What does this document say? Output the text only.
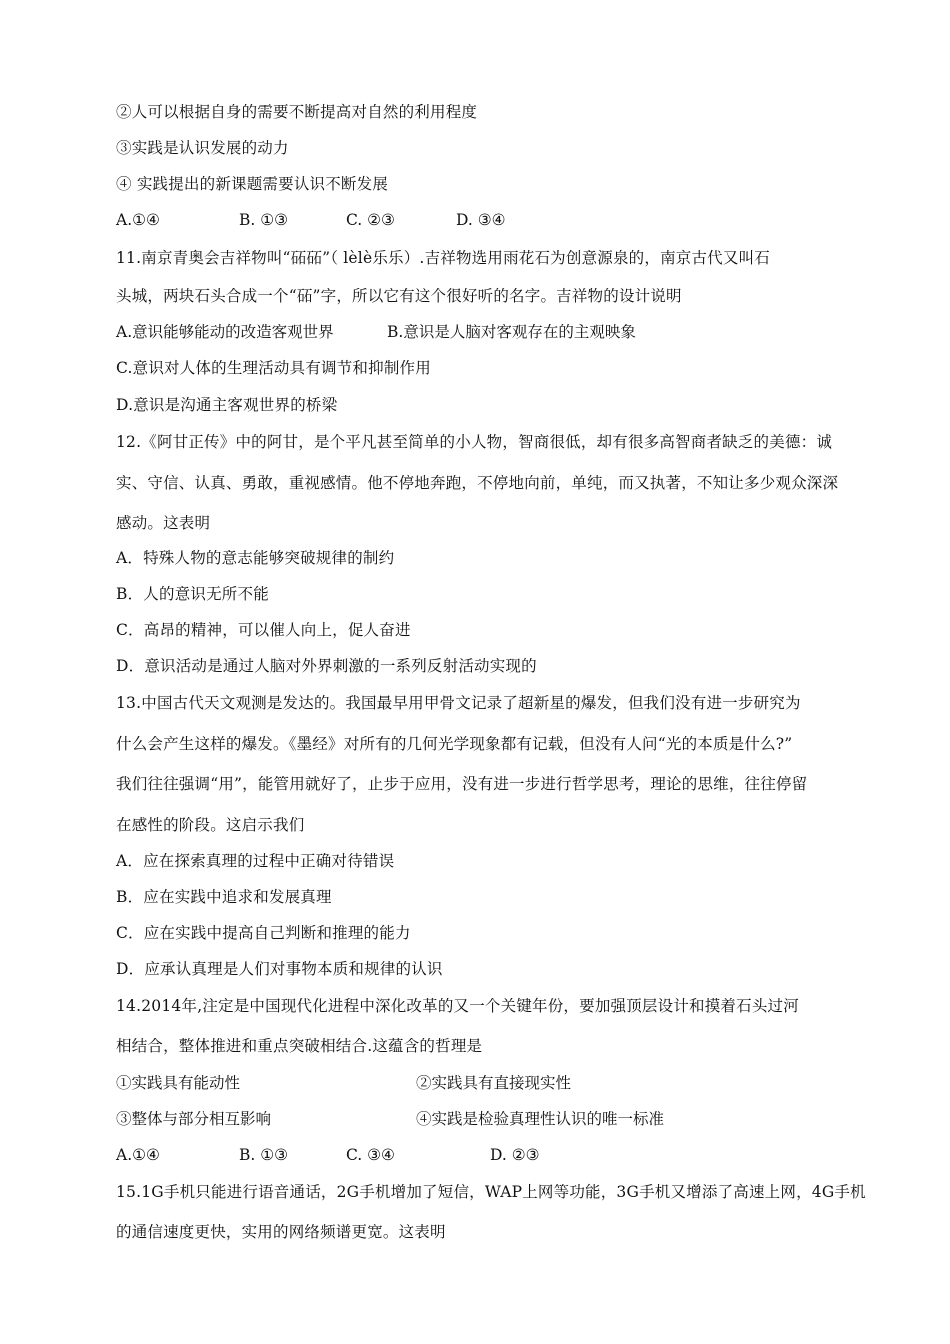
②人可以根据自身的需要不断提高对自然的利用程度
③实践是认识发展的动力
④ 实践提出的新课题需要认识不断发展
A.①④	B. ①③	C. ②③	D. ③④
11.南京青奥会吉祥物叫“砳砳”（ lèlè乐乐）.吉祥物选用雨花石为创意源泉的，南京古代又叫石
头城，两块石头合成一个“砳”字，所以它有这个很好听的名字。吉祥物的设计说明
A.意识能够能动的改造客观世界	B.意识是人脑对客观存在的主观映象
C.意识对人体的生理活动具有调节和抑制作用
D.意识是沟通主客观世界的桥梁
12.《阿甘正传》中的阿甘，是个平凡甚至简单的小人物，智商很低，却有很多高智商者缺乏的美德：诚
实、守信、认真、勇敢，重视感情。他不停地奔跑，不停地向前，单纯，而又执著，不知让多少观众深深
感动。这表明
A．特殊人物的意志能够突破规律的制约
B．人的意识无所不能
C．高昂的精神，可以催人向上，促人奋进
D．意识活动是通过人脑对外界刺激的一系列反射活动实现的
13.中国古代天文观测是发达的。我国最早用甲骨文记录了超新星的爆发，但我们没有进一步研究为
什么会产生这样的爆发。《墨经》对所有的几何光学现象都有记载，但没有人问“光的本质是什么?”
我们往往强调“用”，能管用就好了，止步于应用，没有进一步进行哲学思考，理论的思维，往往停留
在感性的阶段。这启示我们
A．应在探索真理的过程中正确对待错误
B．应在实践中追求和发展真理
C．应在实践中提高自己判断和推理的能力
D．应承认真理是人们对事物本质和规律的认识
14.2014年,注定是中国现代化进程中深化改革的又一个关键年份，要加强顶层设计和摸着石头过河
相结合，整体推进和重点突破相结合.这蕴含的哲理是
①实践具有能动性	②实践具有直接现实性
③整体与部分相互影响	④实践是检验真理性认识的唯一标准
A.①④	B. ①③	C. ③④	D. ②③
15.1G手机只能进行语音通话，2G手机增加了短信，WAP上网等功能，3G手机又增添了高速上网，4G手机
的通信速度更快，实用的网络频谱更宽。这表明
